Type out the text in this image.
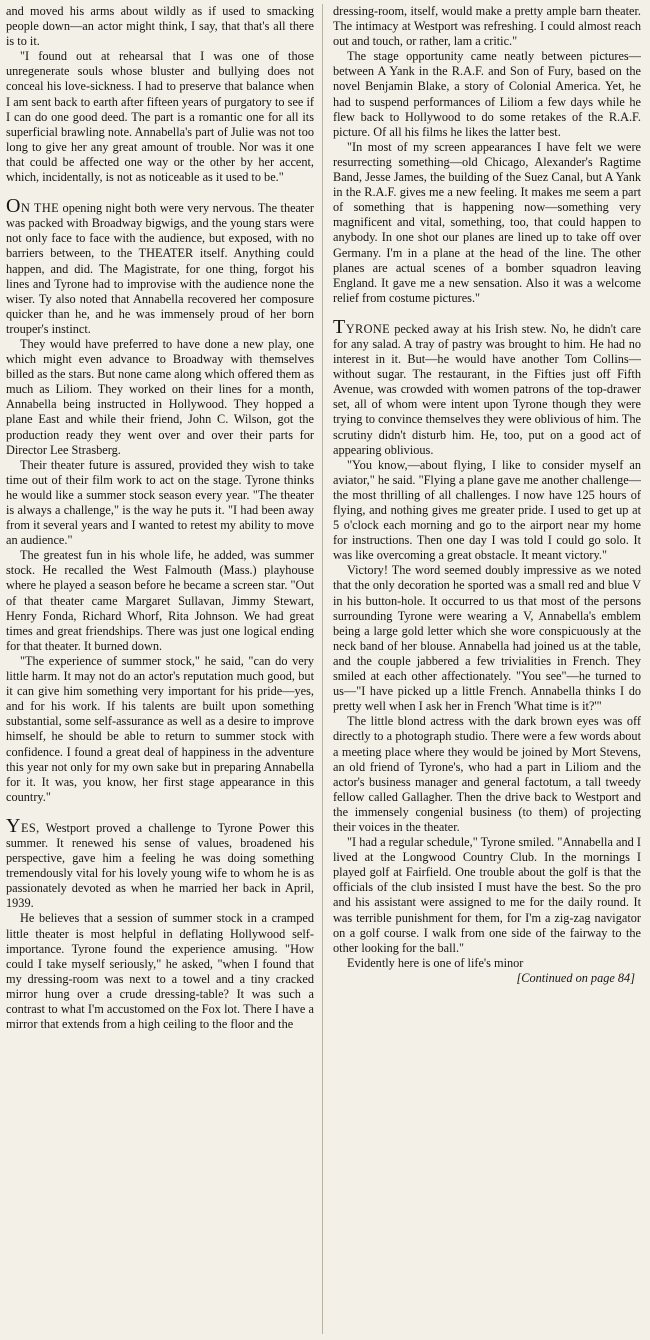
and moved his arms about wildly as if used to smacking people down—an actor might think, I say, that that's all there is to it.

"I found out at rehearsal that I was one of those unregenerate souls whose bluster and bullying does not conceal his love-sickness. I had to preserve that balance when I am sent back to earth after fifteen years of purgatory to see if I can do one good deed. The part is a romantic one for all its superficial brawling note. Annabella's part of Julie was not too long to give her any great amount of trouble. Nor was it one that could be affected one way or the other by her accent, which, incidentally, is not as noticeable as it used to be."

ON THE opening night both were very nervous. The theater was packed with Broadway bigwigs, and the young stars were not only face to face with the audience, but exposed, with no barriers between, to the THEATER itself. Anything could happen, and did. The Magistrate, for one thing, forgot his lines and Tyrone had to improvise with the audience none the wiser. Ty also noted that Annabella recovered her composure quicker than he, and he was immensely proud of her born trouper's instinct.

They would have preferred to have done a new play, one which might even advance to Broadway with themselves billed as the stars. But none came along which offered them as much as Liliom. They worked on their lines for a month, Annabella being instructed in Hollywood. They hopped a plane East and while their friend, John C. Wilson, got the production ready they went over and over their parts for Director Lee Strasberg.

Their theater future is assured, provided they wish to take time out of their film work to act on the stage. Tyrone thinks he would like a summer stock season every year. "The theater is always a challenge," is the way he puts it. "I had been away from it several years and I wanted to retest my ability to move an audience."

The greatest fun in his whole life, he added, was summer stock. He recalled the West Falmouth (Mass.) playhouse where he played a season before he became a screen star. "Out of that theater came Margaret Sullavan, Jimmy Stewart, Henry Fonda, Richard Whorf, Rita Johnson. We had great times and great friendships. There was just one logical ending for that theater. It burned down.

"The experience of summer stock," he said, "can do very little harm. It may not do an actor's reputation much good, but it can give him something very important for his pride—yes, and for his work. If his talents are built upon something substantial, some self-assurance as well as a desire to improve himself, he should be able to return to summer stock with confidence. I found a great deal of happiness in the adventure this year not only for my own sake but in preparing Annabella for it. It was, you know, her first stage appearance in this country."

YES, Westport proved a challenge to Tyrone Power this summer. It renewed his sense of values, broadened his perspective, gave him a feeling he was doing something tremendously vital for his lovely young wife to whom he is as passionately devoted as when he married her back in April, 1939.

He believes that a session of summer stock in a cramped little theater is most helpful in deflating Hollywood self-importance. Tyrone found the experience amusing. "How could I take myself seriously," he asked, "when I found that my dressing-room was next to a towel and a tiny cracked mirror hung over a crude dressing-table? It was such a contrast to what I'm accustomed on the Fox lot. There I have a mirror that extends from a high ceiling to the floor and the

dressing-room, itself, would make a pretty ample barn theater. The intimacy at Westport was refreshing. I could almost reach out and touch, or rather, lam a critic."

The stage opportunity came neatly between pictures—between A Yank in the R.A.F. and Son of Fury, based on the novel Benjamin Blake, a story of Colonial America. Yet, he had to suspend performances of Liliom a few days while he flew back to Hollywood to do some retakes of the R.A.F. picture. Of all his films he likes the latter best.

"In most of my screen appearances I have felt we were resurrecting something—old Chicago, Alexander's Ragtime Band, Jesse James, the building of the Suez Canal, but A Yank in the R.A.F. gives me a new feeling. It makes me seem a part of something that is happening now—something very magnificent and vital, something, too, that could happen to anybody. In one shot our planes are lined up to take off over Germany. I'm in a plane at the head of the line. The other planes are actual scenes of a bomber squadron leaving England. It gave me a new sensation. Also it was a welcome relief from costume pictures."

TYRONE pecked away at his Irish stew. No, he didn't care for any salad. A tray of pastry was brought to him. He had no interest in it. But—he would have another Tom Collins—without sugar. The restaurant, in the Fifties just off Fifth Avenue, was crowded with women patrons of the top-drawer set, all of whom were intent upon Tyrone though they were trying to convince themselves they were oblivious of him. The scrutiny didn't disturb him. He, too, put on a good act of appearing oblivious.

"You know,—about flying, I like to consider myself an aviator," he said. "Flying a plane gave me another challenge—the most thrilling of all challenges. I now have 125 hours of flying, and nothing gives me greater pride. I used to get up at 5 o'clock each morning and go to the airport near my home for instructions. Then one day I was told I could go solo. It was like overcoming a great obstacle. It meant victory."

Victory! The word seemed doubly impressive as we noted that the only decoration he sported was a small red and blue V in his button-hole. It occurred to us that most of the persons surrounding Tyrone were wearing a V, Annabella's emblem being a large gold letter which she wore conspicuously at the neck band of her blouse. Annabella had joined us at the table, and the couple jabbered a few trivialities in French. They smiled at each other affectionately. "You see"—he turned to us—"I have picked up a little French. Annabella thinks I do pretty well when I ask her in French 'What time is it?'"

The little blond actress with the dark brown eyes was off directly to a photograph studio. There were a few words about a meeting place where they would be joined by Mort Stevens, an old friend of Tyrone's, who had a part in Liliom and the actor's business manager and general factotum, a tall tweedy fellow called Gallagher. Then the drive back to Westport and the immensely congenial business (to them) of projecting their voices in the theater.

"I had a regular schedule," Tyrone smiled. "Annabella and I lived at the Longwood Country Club. In the mornings I played golf at Fairfield. One trouble about the golf is that the officials of the club insisted I must have the best. So the pro and his assistant were assigned to me for the daily round. It was terrible punishment for them, for I'm a zig-zag navigator on a golf course. I walk from one side of the fairway to the other looking for the ball."

Evidently here is one of life's minor

[Continued on page 84]
